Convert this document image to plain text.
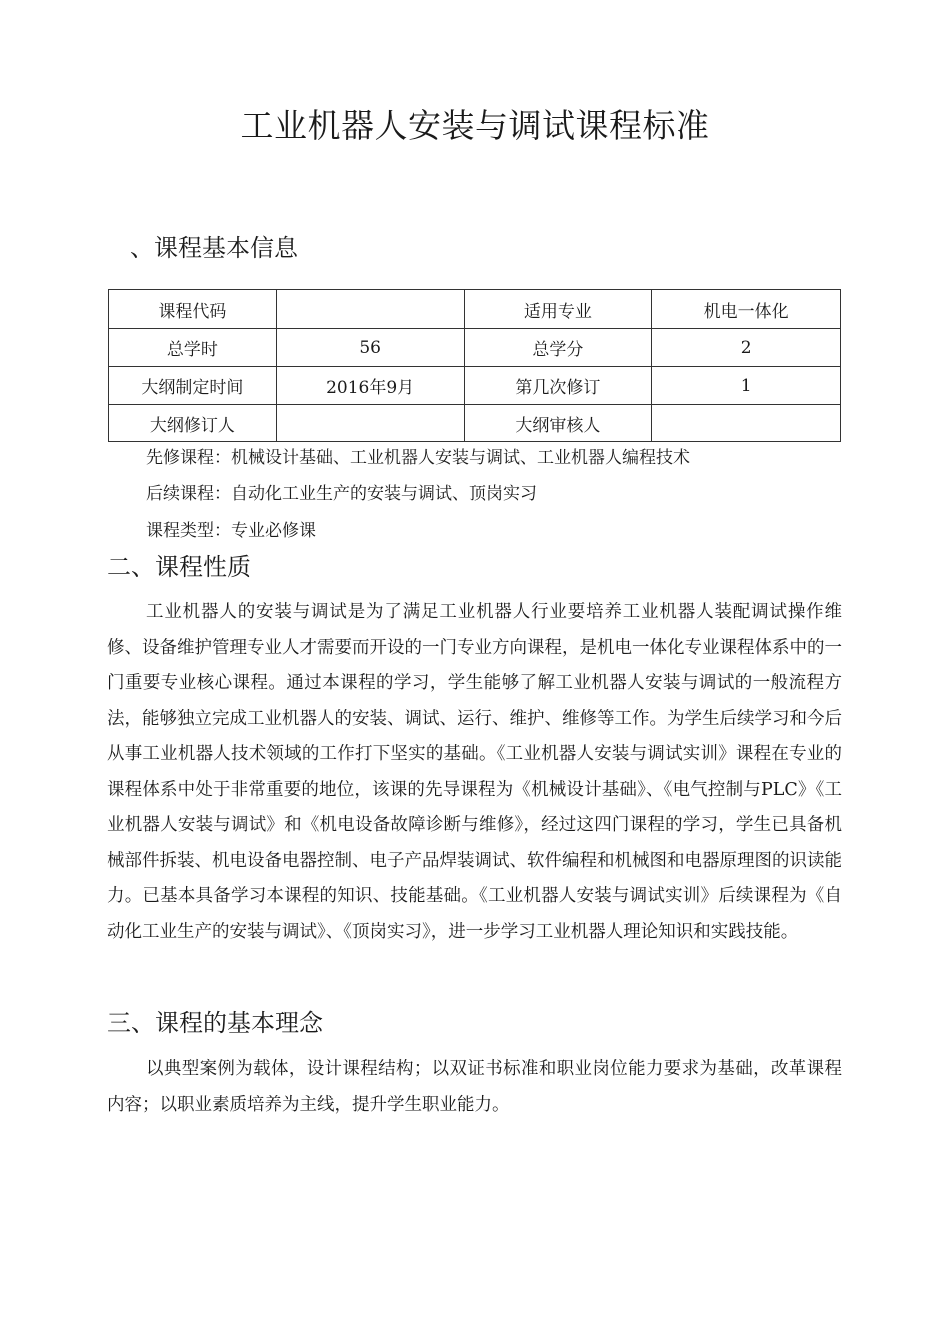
工业机器人安装与调试课程标准
、课程基本信息
课程代码		适用专业	机电一体化
总学时	56	总学分	2
大纲制定时间	2016年9月	第几次修订	1
大纲修订人		大纲审核人	
先修课程：机械设计基础、工业机器人安装与调试、工业机器人编程技术
后续课程：自动化工业生产的安装与调试、顶岗实习
课程类型：专业必修课
二、课程性质
工业机器人的安装与调试是为了满足工业机器人行业要培养工业机器人装配调试操作维修、设备维护管理专业人才需要而开设的一门专业方向课程，是机电一体化专业课程体系中的一门重要专业核心课程。通过本课程的学习，学生能够了解工业机器人安装与调试的一般流程方法，能够独立完成工业机器人的安装、调试、运行、维护、维修等工作。为学生后续学习和今后从事工业机器人技术领域的工作打下坚实的基础。《工业机器人安装与调试实训》课程在专业的课程体系中处于非常重要的地位，该课的先导课程为《机械设计基础》、《电气控制与PLC》《工业机器人安装与调试》和《机电设备故障诊断与维修》，经过这四门课程的学习，学生已具备机械部件拆装、机电设备电器控制、电子产品焊装调试、软件编程和机械图和电器原理图的识读能力。已基本具备学习本课程的知识、技能基础。《工业机器人安装与调试实训》后续课程为《自动化工业生产的安装与调试》、《顶岗实习》，进一步学习工业机器人理论知识和实践技能。
三、课程的基本理念
以典型案例为载体，设计课程结构；以双证书标准和职业岗位能力要求为基础，改革课程内容；以职业素质培养为主线，提升学生职业能力。
